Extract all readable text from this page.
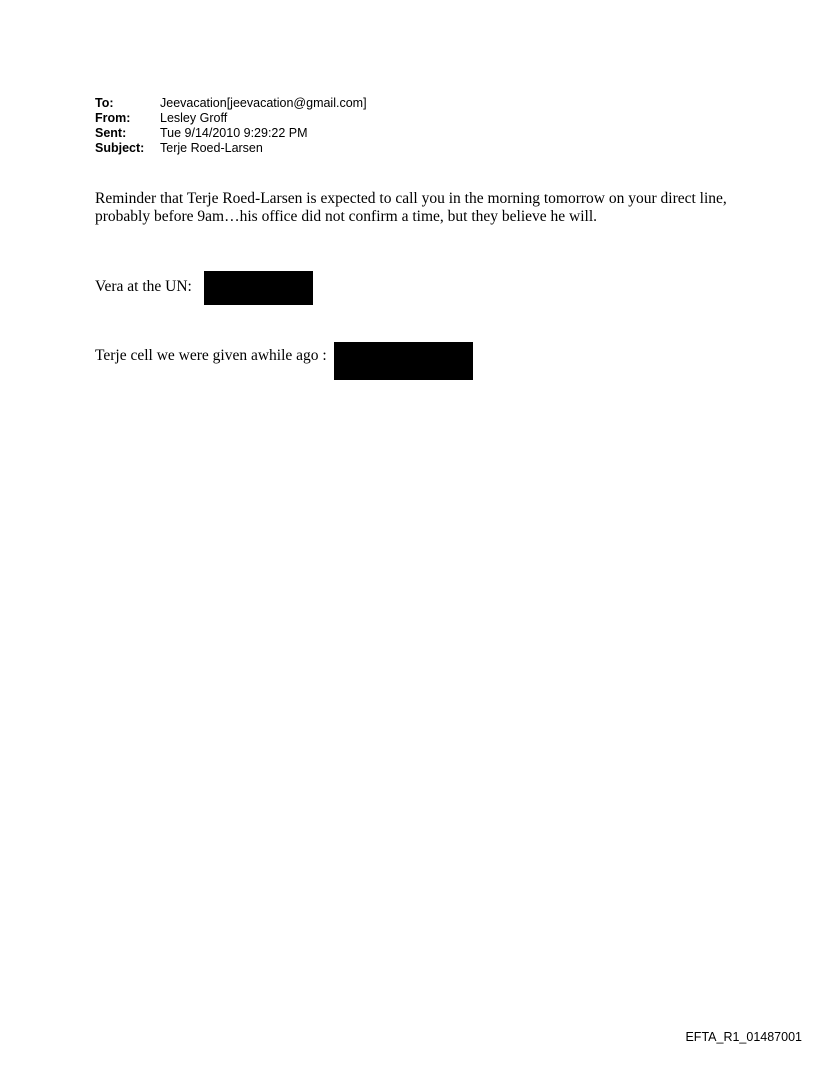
To:	Jeevacation[jeevacation@gmail.com]
From:	Lesley Groff
Sent:	Tue 9/14/2010 9:29:22 PM
Subject:	Terje Roed-Larsen
Reminder that Terje Roed-Larsen is expected to call you in the morning tomorrow on your direct line, probably before 9am…his office did not confirm a time, but they believe he will.
Vera at the UN:
Terje cell we were given awhile ago :
EFTA_R1_01487001
